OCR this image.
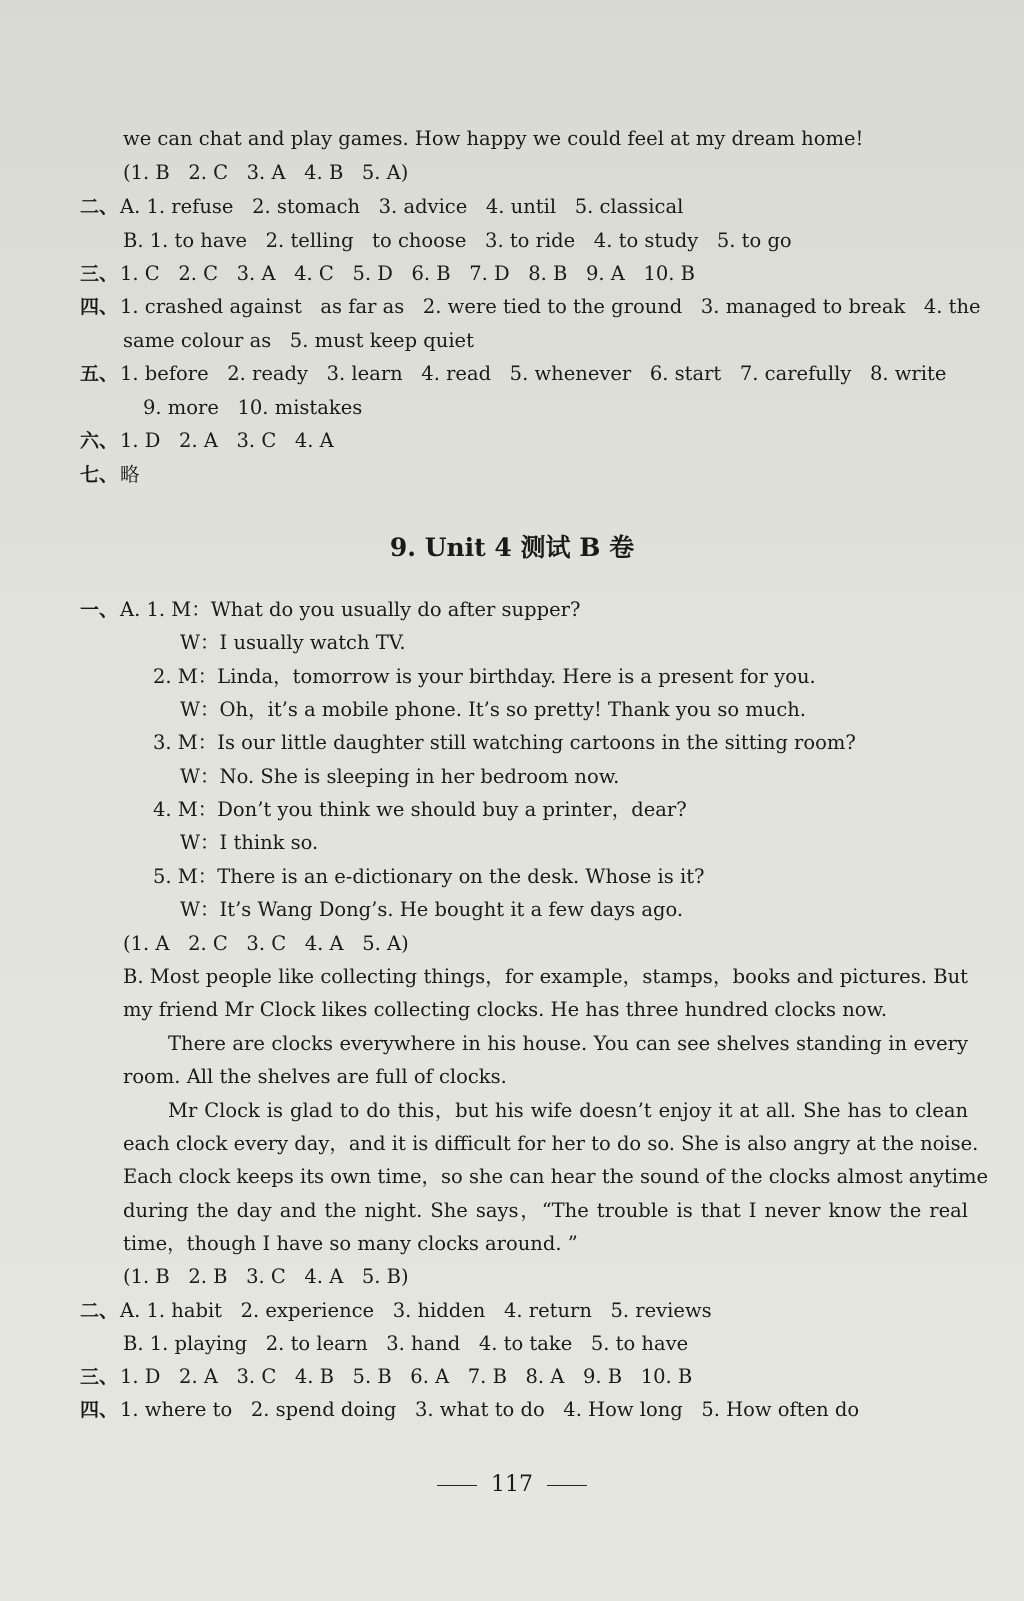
we can chat and play games. How happy we could feel at my dream home!
(1. B   2. C   3. A   4. B   5. A)
二、 A. 1. refuse   2. stomach   3. advice   4. until   5. classical
B. 1. to have   2. telling   to choose   3. to ride   4. to study   5. to go
三、 1. C   2. C   3. A   4. C   5. D   6. B   7. D   8. B   9. A   10. B
四、 1. crashed against   as far as   2. were tied to the ground   3. managed to break   4. the
same colour as   5. must keep quiet
五、 1. before   2. ready   3. learn   4. read   5. whenever   6. start   7. carefully   8. write
9. more   10. mistakes
六、 1. D   2. A   3. C   4. A
七、 略
9. Unit 4 测试 B 卷
一、 A. 1. M：What do you usually do after supper?
W：I usually watch TV.
2. M：Linda，tomorrow is your birthday. Here is a present for you.
W：Oh，it’s a mobile phone. It’s so pretty! Thank you so much.
3. M：Is our little daughter still watching cartoons in the sitting room?
W：No. She is sleeping in her bedroom now.
4. M：Don’t you think we should buy a printer，dear?
W：I think so.
5. M：There is an e-dictionary on the desk. Whose is it?
W：It’s Wang Dong’s. He bought it a few days ago.
(1. A   2. C   3. C   4. A   5. A)
B. Most people like collecting things，for example，stamps，books and pictures. But
my friend Mr Clock likes collecting clocks. He has three hundred clocks now.
There are clocks everywhere in his house. You can see shelves standing in every
room. All the shelves are full of clocks.
Mr Clock is glad to do this，but his wife doesn’t enjoy it at all. She has to clean
each clock every day，and it is difficult for her to do so. She is also angry at the noise.
Each clock keeps its own time，so she can hear the sound of the clocks almost anytime
during the day and the night. She says，“The trouble is that I never know the real
time，though I have so many clocks around. ”
(1. B   2. B   3. C   4. A   5. B)
二、 A. 1. habit   2. experience   3. hidden   4. return   5. reviews
B. 1. playing   2. to learn   3. hand   4. to take   5. to have
三、 1. D   2. A   3. C   4. B   5. B   6. A   7. B   8. A   9. B   10. B
四、 1. where to   2. spend doing   3. what to do   4. How long   5. How often do
117
